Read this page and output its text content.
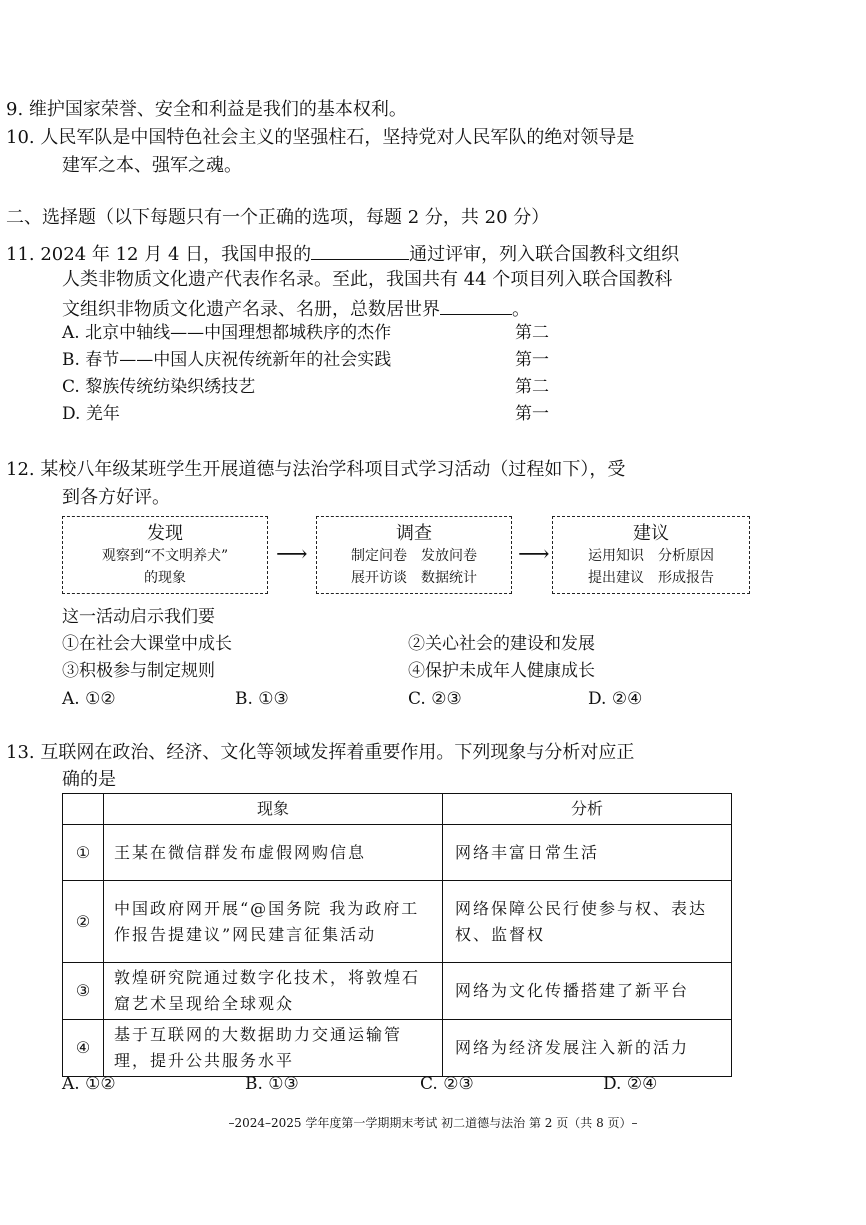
9. 维护国家荣誉、安全和利益是我们的基本权利。
10. 人民军队是中国特色社会主义的坚强柱石，坚持党对人民军队的绝对领导是
建军之本、强军之魂。
二、选择题（以下每题只有一个正确的选项，每题 2 分，共 20 分）
11. 2024 年 12 月 4 日，我国申报的	通过评审，列入联合国教科文组织
人类非物质文化遗产代表作名录。至此，我国共有 44 个项目列入联合国教科
文组织非物质文化遗产名录、名册，总数居世界	。
A. 北京中轴线——中国理想都城秩序的杰作	第二
B. 春节——中国人庆祝传统新年的社会实践	第一
C. 黎族传统纺染织绣技艺	第二
D. 羌年	第一
12. 某校八年级某班学生开展道德与法治学科项目式学习活动（过程如下），受
到各方好评。
发现
观察到“不文明养犬”
的现象
⟶
调查
制定问卷　发放问卷
展开访谈　数据统计
⟶
建议
运用知识　分析原因
提出建议　形成报告
这一活动启示我们要
①在社会大课堂中成长	②关心社会的建设和发展
③积极参与制定规则	④保护未成年人健康成长
A. ①②	B. ①③	C. ②③	D. ②④
13. 互联网在政治、经济、文化等领域发挥着重要作用。下列现象与分析对应正
确的是
	现象	分析
①	王某在微信群发布虚假网购信息	网络丰富日常生活
②	中国政府网开展“@国务院 我为政府工作报告提建议”网民建言征集活动	网络保障公民行使参与权、表达权、监督权
③	敦煌研究院通过数字化技术，将敦煌石窟艺术呈现给全球观众	网络为文化传播搭建了新平台
④	基于互联网的大数据助力交通运输管理，提升公共服务水平	网络为经济发展注入新的活力
A. ①②	B. ①③	C. ②③	D. ②④
–2024–2025 学年度第一学期期末考试 初二道德与法治 第 2 页（共 8 页）–
